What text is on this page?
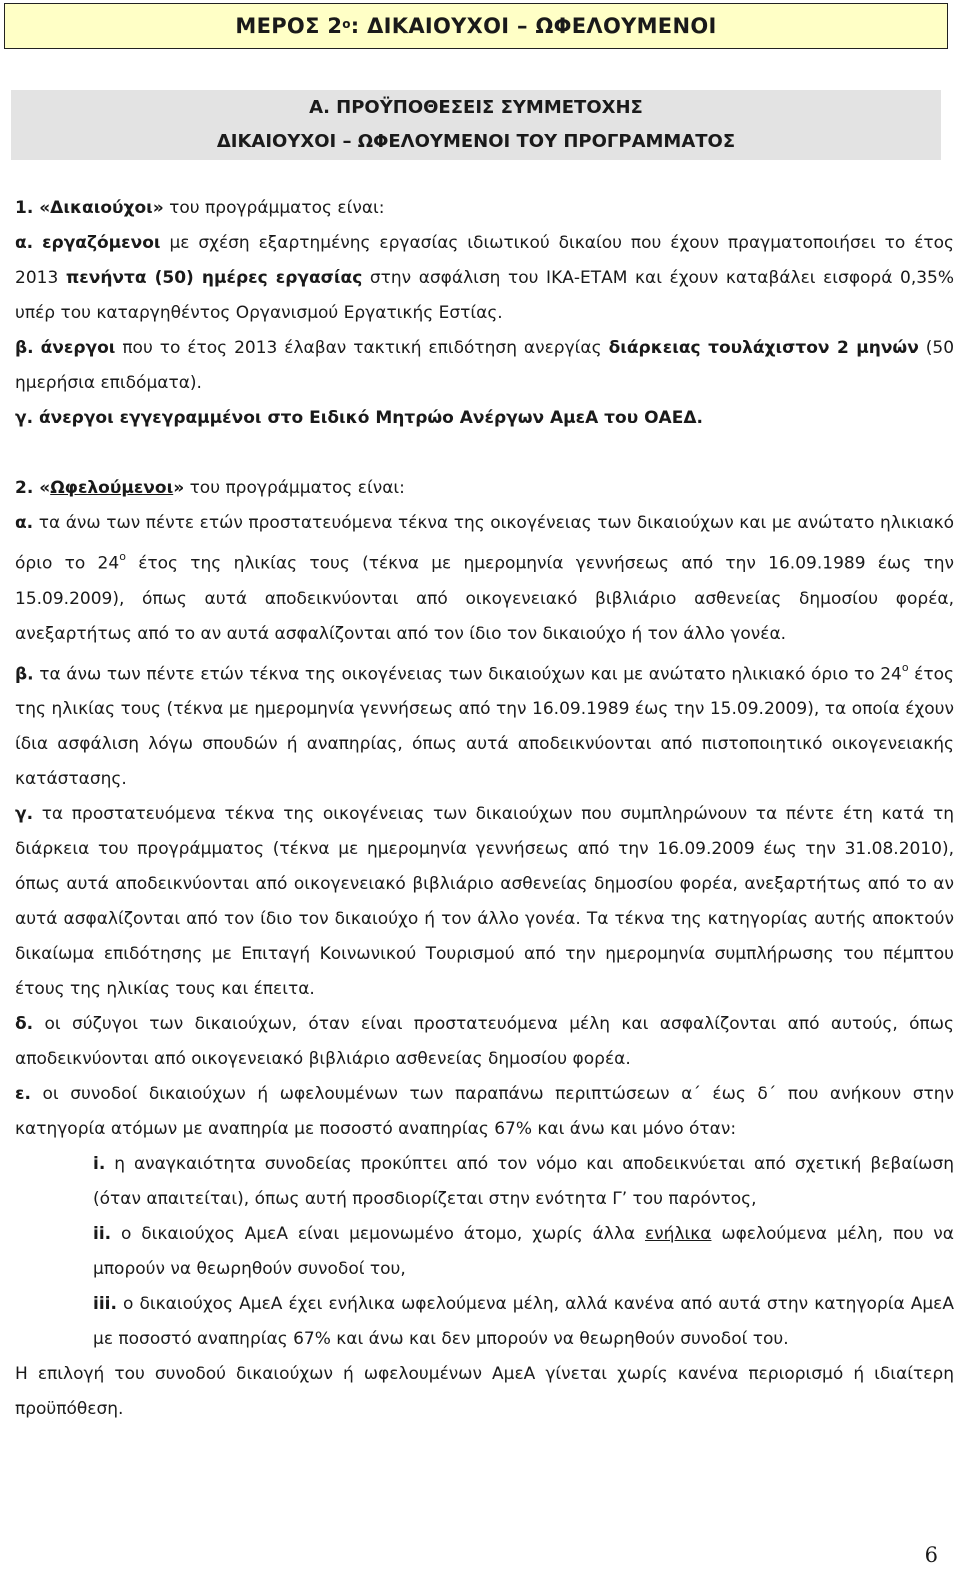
ΜΕΡΟΣ $2^o$ : ΔΙΚΑΙΟΥΧΟΙ – ΩΦΕΛΟΥΜΕΝΟΙ
Α. ΠΡΟΫΠΟΘΕΣΕΙΣ ΣΥΜΜΕΤΟΧΗΣ
ΔΙΚΑΙΟΥΧΟΙ – ΩΦΕΛΟΥΜΕΝΟΙ ΤΟΥ ΠΡΟΓΡΑΜΜΑΤΟΣ

1. «Δικαιούχοι» του προγράμματος είναι:

α. εργαζόμενοι με σχέση εξαρτημένης εργασίας ιδιωτικού δικαίου που έχουν πραγματοποιήσει το έτος 2013 πενήντα (50) ημέρες εργασίας στην ασφάλιση του ΙΚΑ-ΕΤΑΜ και έχουν καταβάλει εισφορά 0,35% υπέρ του καταργηθέντος Οργανισμού Εργατικής Εστίας.

β. άνεργοι που το έτος 2013 έλαβαν τακτική επιδότηση ανεργίας διάρκειας τουλάχιστον 2 μηνών (50 ημερήσια επιδόματα).

γ. άνεργοι εγγεγραμμένοι στο Ειδικό Μητρώο Ανέργων ΑμεΑ του ΟΑΕΔ.

2. «Ωφελούμενοι» του προγράμματος είναι:

α. τα άνω των πέντε ετών προστατευόμενα τέκνα της οικογένειας των δικαιούχων και με ανώτατο ηλικιακό όριο το $24^o$ έτος της ηλικίας τους (τέκνα με ημερομηνία γεννήσεως από την 16.09.1989 έως την 15.09.2009), όπως αυτά αποδεικνύονται από οικογενειακό βιβλιάριο ασθενείας δημοσίου φορέα, ανεξαρτήτως από το αν αυτά ασφαλίζονται από τον ίδιο τον δικαιούχο ή τον άλλο γονέα.

β. τα άνω των πέντε ετών τέκνα της οικογένειας των δικαιούχων και με ανώτατο ηλικιακό όριο το $24^o$ έτος της ηλικίας τους (τέκνα με ημερομηνία γεννήσεως από την 16.09.1989 έως την 15.09.2009), τα οποία έχουν ίδια ασφάλιση λόγω σπουδών ή αναπηρίας, όπως αυτά αποδεικνύονται από πιστοποιητικό οικογενειακής κατάστασης.

γ. τα προστατευόμενα τέκνα της οικογένειας των δικαιούχων που συμπληρώνουν τα πέντε έτη κατά τη διάρκεια του προγράμματος (τέκνα με ημερομηνία γεννήσεως από την 16.09.2009 έως την 31.08.2010), όπως αυτά αποδεικνύονται από οικογενειακό βιβλιάριο ασθενείας δημοσίου φορέα, ανεξαρτήτως από το αν αυτά ασφαλίζονται από τον ίδιο τον δικαιούχο ή τον άλλο γονέα. Τα τέκνα της κατηγορίας αυτής αποκτούν δικαίωμα επιδότησης με Επιταγή Κοινωνικού Τουρισμού από την ημερομηνία συμπλήρωσης του πέμπτου έτους της ηλικίας τους και έπειτα.

δ. οι σύζυγοι των δικαιούχων, όταν είναι προστατευόμενα μέλη και ασφαλίζονται από αυτούς, όπως αποδεικνύονται από οικογενειακό βιβλιάριο ασθενείας δημοσίου φορέα.

ε. οι συνοδοί δικαιούχων ή ωφελουμένων των παραπάνω περιπτώσεων α΄ έως δ΄ που ανήκουν στην κατηγορία ατόμων με αναπηρία με ποσοστό αναπηρίας 67% και άνω και μόνο όταν:

i. η αναγκαιότητα συνοδείας προκύπτει από τον νόμο και αποδεικνύεται από σχετική βεβαίωση (όταν απαιτείται), όπως αυτή προσδιορίζεται στην ενότητα Γ’ του παρόντος,

ii. ο δικαιούχος ΑμεΑ είναι μεμονωμένο άτομο, χωρίς άλλα ενήλικα ωφελούμενα μέλη, που να μπορούν να θεωρηθούν συνοδοί του,

iii. ο δικαιούχος ΑμεΑ έχει ενήλικα ωφελούμενα μέλη, αλλά κανένα από αυτά στην κατηγορία ΑμεΑ με ποσοστό αναπηρίας 67% και άνω και δεν μπορούν να θεωρηθούν συνοδοί του.

Η επιλογή του συνοδού δικαιούχων ή ωφελουμένων ΑμεΑ γίνεται χωρίς κανένα περιορισμό ή ιδιαίτερη προϋπόθεση.

6
